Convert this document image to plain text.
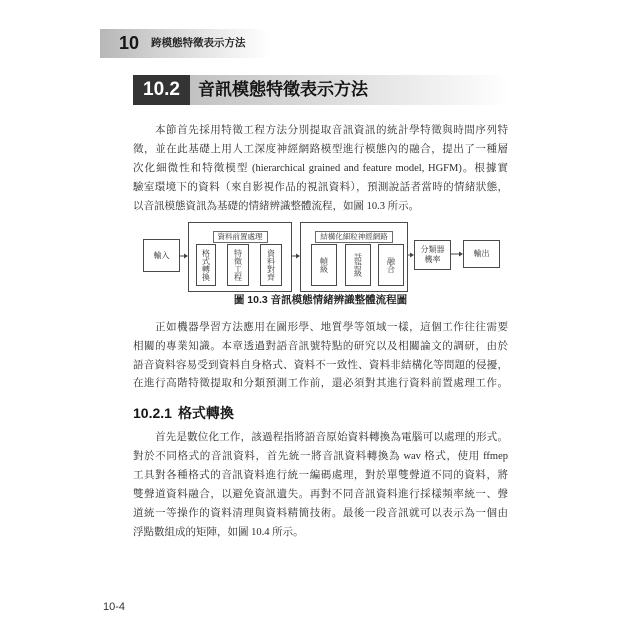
10 跨模態特徵表示方法
10.2	音訊模態特徵表示方法
本節首先採用特徵工程方法分別提取音訊資訊的統計學特徵與時間序列特
徵，並在此基礎上用人工深度神經網路模型進行模態內的融合，提出了一種層
次化細微性和特徵模型 (hierarchical grained and feature model, HGFM)。根據實
驗室環境下的資料（來自影視作品的視訊資料），預測說話者當時的情緒狀態，
以音訊模態資訊為基礎的情緒辨識整體流程，如圖 10.3 所示。
輸入
資料前置處理
格式轉換	特徵工程	資料對齊
結構化細粒神經網路
幀級	話語級	融合
分類器機率
輸出
圖 10.3 音訊模態情緒辨識整體流程圖
正如機器學習方法應用在圖形學、地質學等領域一樣，這個工作往往需要
相關的專業知識。本章透過對語音訊號特點的研究以及相關論文的調研，由於
語音資料容易受到資料自身格式、資料不一致性、資料非結構化等問題的侵擾，
在進行高階特徵提取和分類預測工作前，還必須對其進行資料前置處理工作。
10.2.1 格式轉換
首先是數位化工作，該過程指將語音原始資料轉換為電腦可以處理的形式。
對於不同格式的音訊資料，首先統一將音訊資料轉換為 wav 格式，使用 ffmep
工具對各種格式的音訊資料進行統一編碼處理，對於單雙聲道不同的資料，將
雙聲道資料融合，以避免資訊遺失。再對不同音訊資料進行採樣頻率統一、聲
道統一等操作的資料清理與資料精簡技術。最後一段音訊就可以表示為一個由
浮點數組成的矩陣，如圖 10.4 所示。
10-4
